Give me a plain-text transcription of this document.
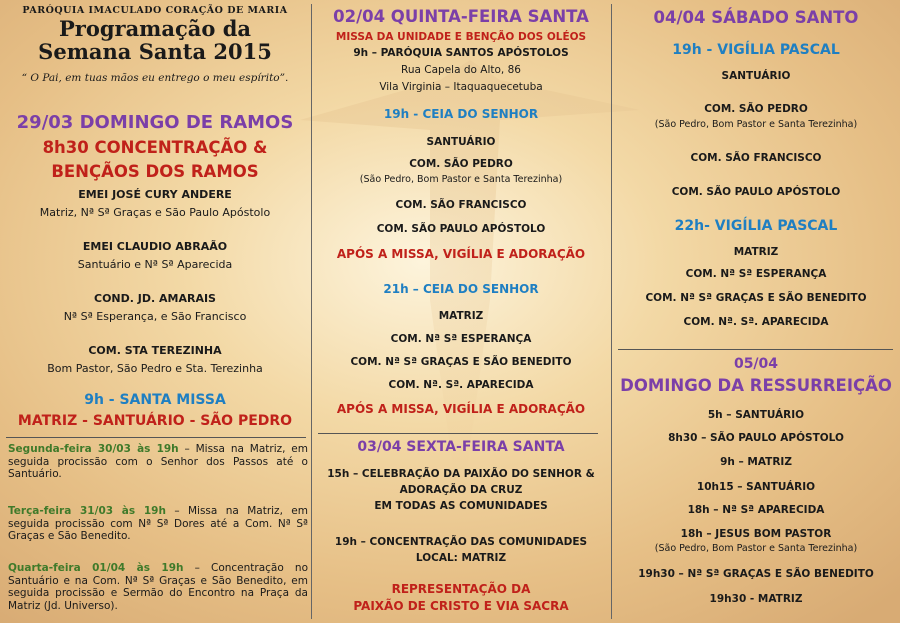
PARÓQUIA IMACULADO CORAÇÃO DE MARIA
Programação da
Semana Santa 2015
“ O Pai, em tuas mãos eu entrego o meu espírito”.
29/03 DOMINGO DE RAMOS
8h30 CONCENTRAÇÃO &
BENÇÃOS DOS RAMOS
EMEI JOSÉ CURY ANDERE
Matriz, Nª Sª Graças e São Paulo Apóstolo
EMEI CLAUDIO ABRAÃO
Santuário e Nª Sª Aparecida
COND. JD. AMARAIS
Nª Sª Esperança, e São Francisco
COM. STA TEREZINHA
Bom Pastor, São Pedro e Sta. Terezinha
9h - SANTA MISSA
MATRIZ - SANTUÁRIO - SÃO PEDRO
Segunda-feira 30/03 às 19h – Missa na Matriz, em seguida procissão com o Senhor dos Passos até o Santuário.
Terça-feira 31/03 às 19h – Missa na Matriz, em seguida procissão com Nª Sª Dores até a Com. Nª Sª Graças e São Benedito.
Quarta-feira 01/04 às 19h – Concentração no Santuário e na Com. Nª Sª Graças e São Benedito, em seguida procissão e Sermão do Encontro na Praça da Matriz (Jd. Universo).
02/04 QUINTA-FEIRA SANTA
MISSA DA UNIDADE E BENÇÃO DOS OLÉOS
9h – PARÓQUIA SANTOS APÓSTOLOS
Rua Capela do Alto, 86
Vila Virginia – Itaquaquecetuba
19h - CEIA DO SENHOR
SANTUÁRIO
COM. SÃO PEDRO
(São Pedro, Bom Pastor e Santa Terezinha)
COM. SÃO FRANCISCO
COM. SÃO PAULO APÓSTOLO
APÓS A MISSA, VIGÍLIA E ADORAÇÃO
21h – CEIA DO SENHOR
MATRIZ
COM. Nª Sª ESPERANÇA
COM. Nª Sª GRAÇAS E SÃO BENEDITO
COM. Nª. Sª. APARECIDA
APÓS A MISSA, VIGÍLIA E ADORAÇÃO
03/04 SEXTA-FEIRA SANTA
15h – CELEBRAÇÃO DA PAIXÃO DO SENHOR &
ADORAÇÃO DA CRUZ
EM TODAS AS COMUNIDADES
19h – CONCENTRAÇÃO DAS COMUNIDADES
LOCAL: MATRIZ
REPRESENTAÇÃO DA
PAIXÃO DE CRISTO E VIA SACRA
04/04 SÁBADO SANTO
19h - VIGÍLIA PASCAL
SANTUÁRIO
COM. SÃO PEDRO
(São Pedro, Bom Pastor e Santa Terezinha)
COM. SÃO FRANCISCO
COM. SÃO PAULO APÓSTOLO
22h- VIGÍLIA PASCAL
MATRIZ
COM. Nª Sª ESPERANÇA
COM. Nª Sª GRAÇAS E SÃO BENEDITO
COM. Nª. Sª. APARECIDA
05/04
DOMINGO DA RESSURREIÇÃO
5h – SANTUÁRIO
8h30 – SÃO PAULO APÓSTOLO
9h – MATRIZ
10h15 – SANTUÁRIO
18h – Nª Sª APARECIDA
18h – JESUS BOM PASTOR
(São Pedro, Bom Pastor e Santa Terezinha)
19h30 – Nª Sª GRAÇAS E SÃO BENEDITO
19h30 - MATRIZ
